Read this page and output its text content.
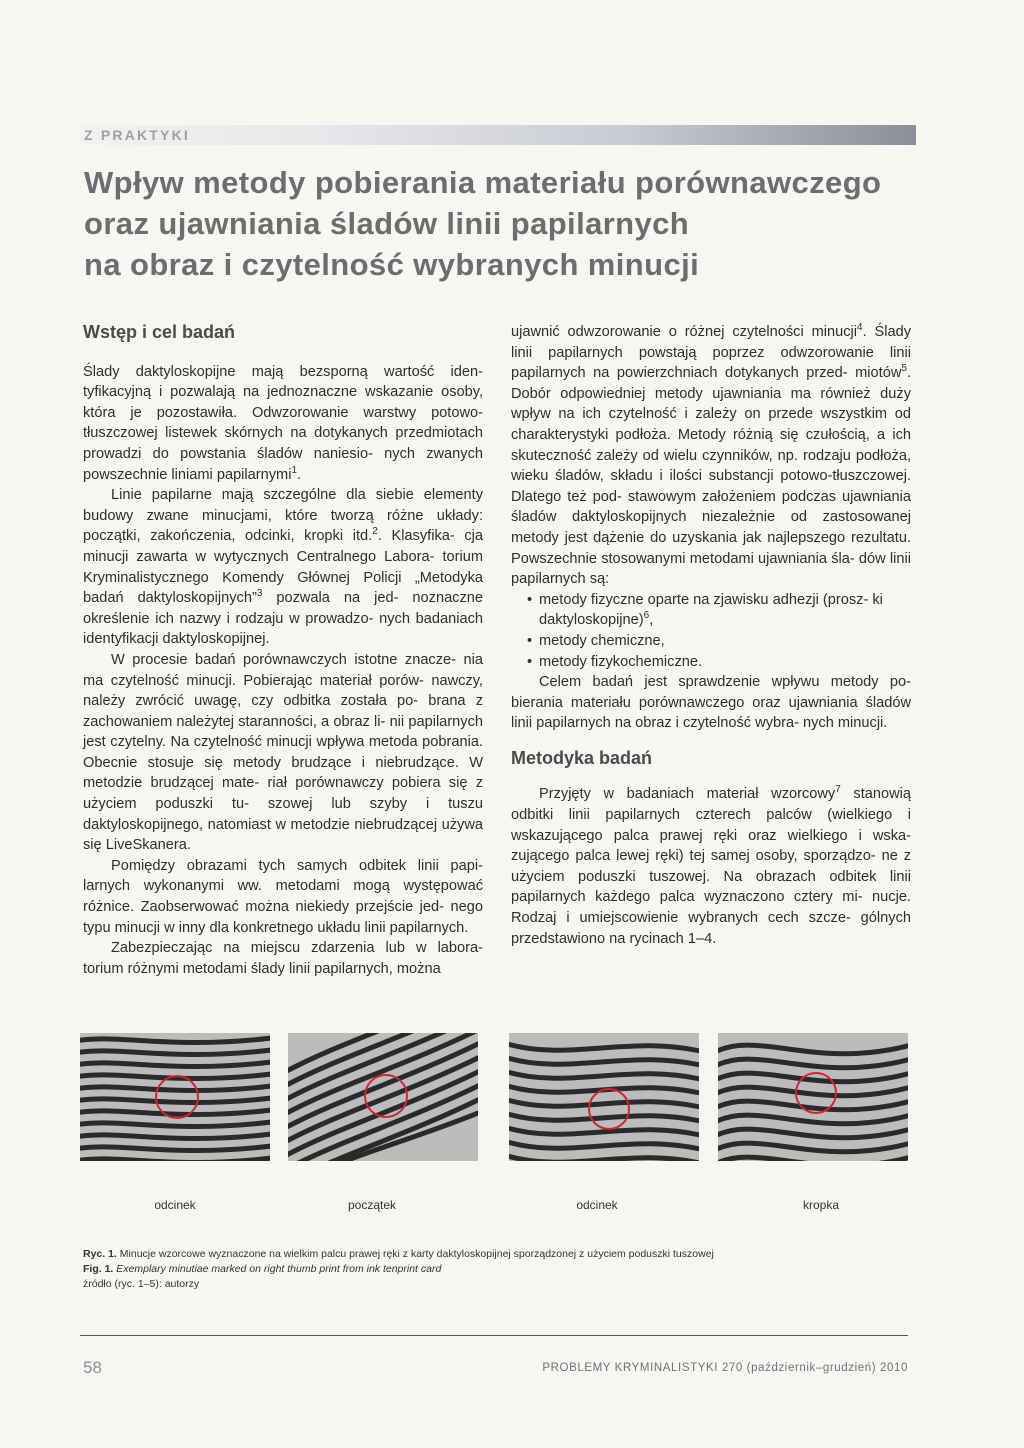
Z PRAKTYKI
Wpływ metody pobierania materiału porównawczego
oraz ujawniania śladów linii papilarnych
na obraz i czytelność wybranych minucji
Wstęp i cel badań

Ślady daktyloskopijne mają bezsporną wartość iden- tyfikacyjną i pozwalają na jednoznaczne wskazanie osoby, która je pozostawiła. Odwzorowanie warstwy potowo-tłuszczowej listewek skórnych na dotykanych przedmiotach prowadzi do powstania śladów naniesio- nych zwanych powszechnie liniami papilarnymi$^1$.

Linie papilarne mają szczególne dla siebie elementy budowy zwane minucjami, które tworzą różne układy: początki, zakończenia, odcinki, kropki itd.$^2$. Klasyfika- cja minucji zawarta w wytycznych Centralnego Labora- torium Kryminalistycznego Komendy Głównej Policji „Metodyka badań daktyloskopijnych”$^3$ pozwala na jed- noznaczne określenie ich nazwy i rodzaju w prowadzo- nych badaniach identyfikacji daktyloskopijnej.

W procesie badań porównawczych istotne znacze- nia ma czytelność minucji. Pobierając materiał porów- nawczy, należy zwrócić uwagę, czy odbitka została po- brana z zachowaniem należytej staranności, a obraz li- nii papilarnych jest czytelny. Na czytelność minucji wpływa metoda pobrania. Obecnie stosuje się metody brudzące i niebrudzące. W metodzie brudzącej mate- riał porównawczy pobiera się z użyciem poduszki tu- szowej lub szyby i tuszu daktyloskopijnego, natomiast w metodzie niebrudzącej używa się LiveSkanera.

Pomiędzy obrazami tych samych odbitek linii papi- larnych wykonanymi ww. metodami mogą występować różnice. Zaobserwować można niekiedy przejście jed- nego typu minucji w inny dla konkretnego układu linii papilarnych.

Zabezpieczając na miejscu zdarzenia lub w labora- torium różnymi metodami ślady linii papilarnych, można

ujawnić odwzorowanie o różnej czytelności minucji$^4$. Ślady linii papilarnych powstają poprzez odwzorowanie linii papilarnych na powierzchniach dotykanych przed- miotów$^5$. Dobór odpowiedniej metody ujawniania ma również duży wpływ na ich czytelność i zależy on przede wszystkim od charakterystyki podłoża. Metody różnią się czułością, a ich skuteczność zależy od wielu czynników, np. rodzaju podłoża, wieku śladów, składu i ilości substancji potowo-tłuszczowej. Dlatego też pod- stawowym założeniem podczas ujawniania śladów daktyloskopijnych niezależnie od zastosowanej metody jest dążenie do uzyskania jak najlepszego rezultatu. Powszechnie stosowanymi metodami ujawniania śla- dów linii papilarnych są:

• metody fizyczne oparte na zjawisku adhezji (prosz- ki daktyloskopijne)$^6$,
• metody chemiczne,
• metody fizykochemiczne.

Celem badań jest sprawdzenie wpływu metody po- bierania materiału porównawczego oraz ujawniania śladów linii papilarnych na obraz i czytelność wybra- nych minucji.

Metodyka badań

Przyjęty w badaniach materiał wzorcowy$^7$ stanowią odbitki linii papilarnych czterech palców (wielkiego i wskazującego palca prawej ręki oraz wielkiego i wska- zującego palca lewej ręki) tej samej osoby, sporządzo- ne z użyciem poduszki tuszowej. Na obrazach odbitek linii papilarnych każdego palca wyznaczono cztery mi- nucje. Rodzaj i umiejscowienie wybranych cech szcze- gólnych przedstawiono na rycinach 1–4.

odcinek	początek	odcinek	kropka
Ryc. 1. Minucje wzorcowe wyznaczone na wielkim palcu prawej ręki z karty daktyloskopijnej sporządzonej z użyciem poduszki tuszowej
Fig. 1. Exemplary minutiae marked on right thumb print from ink tenprint card
źródło (ryc. 1–5): autorzy
58	PROBLEMY KRYMINALISTYKI 270 (październik–grudzień) 2010
